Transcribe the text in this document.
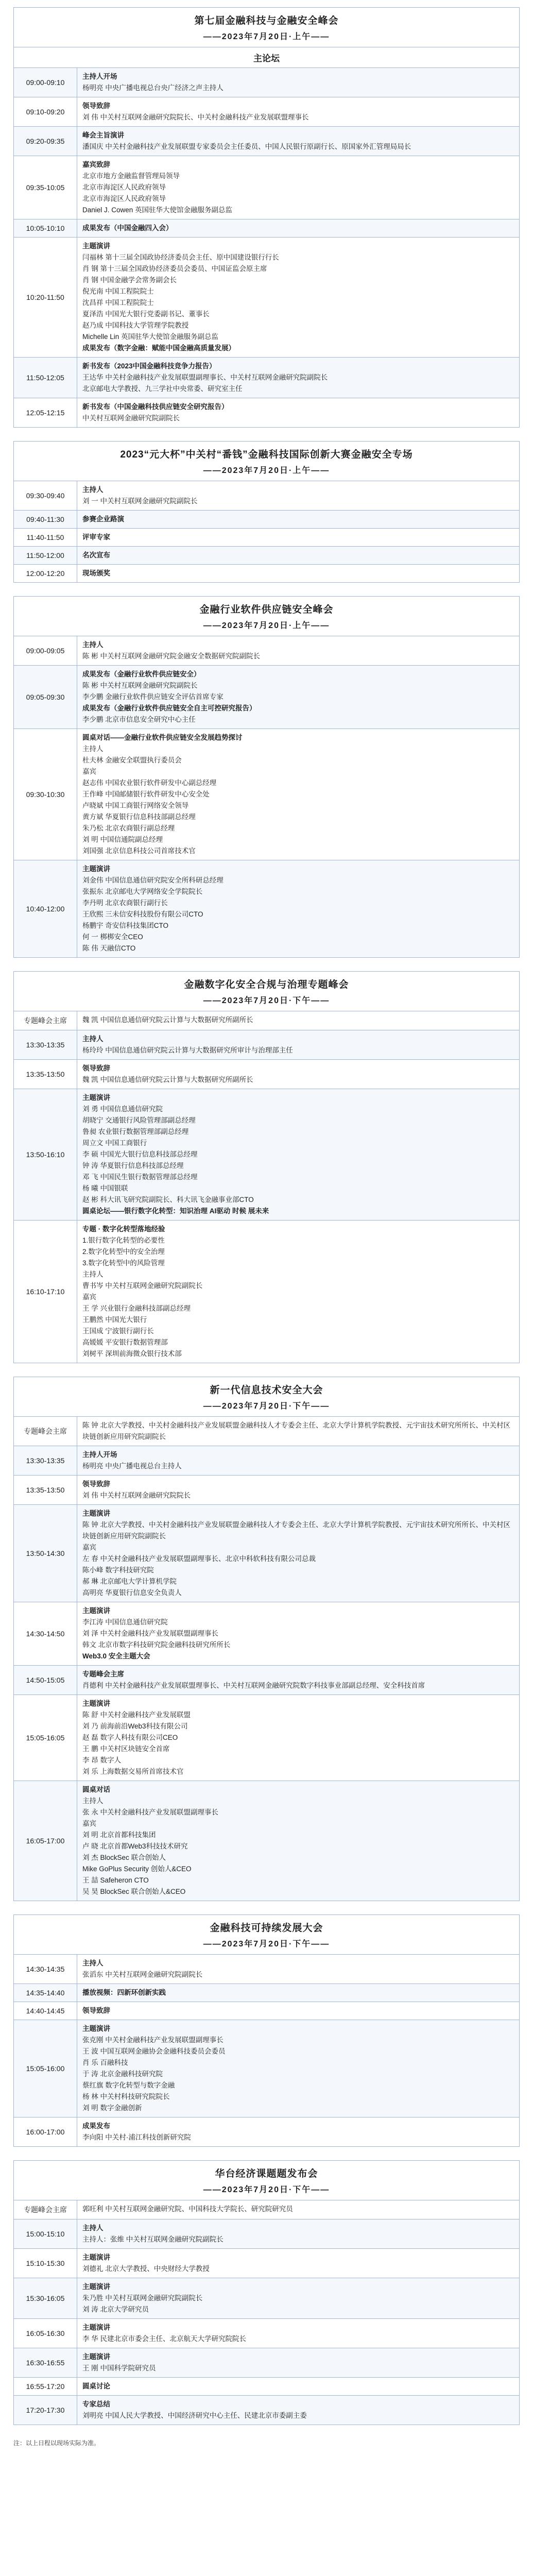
第七届金融科技与金融安全峰会
——2023年7月20日·上午——
主论坛
09:00-09:10
主持人开场
杨明亮 中央广播电视总台央广经济之声主持人
09:10-09:20
领导致辞
刘 伟 中关村互联网金融研究院院长、中关村金融科技产业发展联盟理事长
09:20-09:35
峰会主旨演讲
潘国庆 中关村金融科技产业发展联盟专家委员会主任委员、中国人民银行原副行长、原国家外汇管理局局长
09:35-10:05
嘉宾致辞
北京市地方金融监督管理局领导
北京市海淀区人民政府领导
北京市海淀区人民政府领导
Daniel J. Cowen 英国驻华大使馆金融服务副总监
10:05-10:10	成果发布（中国金融四入会）
10:20-11:50
主题演讲
闫福林 第十三届全国政协经济委员会主任、原中国建设银行行长
肖 钢 第十三届全国政协经济委员会委员、中国证监会原主席
肖 钢 中国金融学会常务副会长
倪光南 中国工程院院士
沈昌祥 中国工程院院士
夏泽浩 中国光大银行党委副书记、董事长
赵乃成 中国科技大学管理学院教授
Michelle Lin 英国驻华大使馆金融服务副总监
成果发布（数字金融：赋能中国金融高质量发展）
11:50-12:05
新书发布（2023中国金融科技竞争力报告）
王达华 中关村金融科技产业发展联盟副理事长、中关村互联网金融研究院副院长
北京邮电大学教授、九三学社中央常委、研究室主任
12:05-12:15
新书发布（中国金融科技供应链安全研究报告）
中关村互联网金融研究院副院长
2023“元大杯”中关村“番钱”金融科技国际创新大赛金融安全专场
——2023年7月20日·上午——
09:30-09:40
主持人
刘 一 中关村互联网金融研究院副院长
09:40-11:30	参赛企业路演
11:40-11:50	评审专家
11:50-12:00	名次宣布
12:00-12:20	现场颁奖
金融行业软件供应链安全峰会
——2023年7月20日·上午——
09:00-09:05
主持人
陈 彬 中关村互联网金融研究院金融安全数据研究院副院长
09:05-09:30
成果发布（金融行业软件供应链安全）
陈 彬 中关村互联网金融研究院副院长
李少鹏 金融行业软件供应链安全评估首席专家
成果发布（金融行业软件供应链安全自主可控研究报告）
李少鹏 北京市信息安全研究中心主任
09:30-10:30
圆桌对话——金融行业软件供应链安全发展趋势探讨
主持人
杜夫林 金融安全联盟执行委员会
嘉宾
赵志伟 中国农业银行软件研发中心副总经理
王作峰 中国邮储银行软件研发中心安全处
卢晓斌 中国工商银行网络安全领导
黄方斌 华夏银行信息科技部副总经理
朱乃松 北京农商银行副总经理
刘 明 中国信通院副总经理
刘国强 北京信息科技公司首席技术官
10:40-12:00
主题演讲
刘金伟 中国信息通信研究院安全所科研总经理
张振东 北京邮电大学网络安全学院院长
李丹明 北京农商银行副行长
王欣熙 三未信安科技股份有限公司CTO
杨鹏宇 奇安信科技集团CTO
何 一 梆梆安全CEO
陈 伟 天融信CTO
金融数字化安全合规与治理专题峰会
——2023年7月20日·下午——
专题峰会主席	魏 凯 中国信息通信研究院云计算与大数据研究所副所长
13:30-13:35
主持人
杨玲玲 中国信息通信研究院云计算与大数据研究所审计与治理部主任
13:35-13:50
领导致辞
魏 凯 中国信息通信研究院云计算与大数据研究所副所长
13:50-16:10
主题演讲
刘 勇 中国信息通信研究院
胡晓宁 交通银行风险管理部副总经理
鲁昶 农业银行数据管理部副总经理
周立文 中国工商银行
李 硕 中国光大银行信息科技部总经理
钟 涛 华夏银行信息科技部总经理
邓 飞 中国民生银行数据管理部总经理
杨 曦 中国银联
赵 彬 科大讯飞研究院副院长、科大讯飞金融事业部CTO
圆桌论坛——银行数字化转型：知识治理 AI驱动 时候 展未来
16:10-17:10
专题 · 数字化转型落地经验
1.银行数字化转型的必要性
2.数字化转型中的安全治理
3.数字化转型中的风险管理
主持人
曹书岑 中关村互联网金融研究院副院长
嘉宾
王 学 兴业银行金融科技部副总经理
王鹏然 中国光大银行
王国成 宁波银行副行长
高媛媛 平安银行数据管理部
刘树平 深圳前海微众银行技术部
新一代信息技术安全大会
——2023年7月20日·下午——
专题峰会主席
陈 钟 北京大学教授、中关村金融科技产业发展联盟金融科技人才专委会主任、北京大学计算机学院教授、元宇宙技术研究所所长、中关村区块链创新应用研究院副院长
13:30-13:35
主持人开场
杨明亮 中央广播电视总台主持人
13:35-13:50
领导致辞
刘 伟 中关村互联网金融研究院院长
13:50-14:30
主题演讲
陈 钟 北京大学教授、中关村金融科技产业发展联盟金融科技人才专委会主任、北京大学计算机学院教授、元宇宙技术研究所所长、中关村区块链创新应用研究院副院长
嘉宾
左 春 中关村金融科技产业发展联盟副理事长、北京中科软科技有限公司总裁
陈小峰 数字科技研究院
郝 琳 北京邮电大学计算机学院
高明亮 华夏银行信息安全负责人
14:30-14:50
主题演讲
李江涛 中国信息通信研究院
刘 泽 中关村金融科技产业发展联盟副理事长
韩文 北京市数字科技研究院金融科技研究所所长
Web3.0 安全主题大会
14:50-15:05
专题峰会主席
肖德利 中关村金融科技产业发展联盟理事长、中关村互联网金融研究院数字科技事业部副总经理、安全科技首席
15:05-16:05
主题演讲
陈 舒 中关村金融科技产业发展联盟
刘 乃 前海前沿Web3科技有限公司
赵 磊 数字人科技有限公司CEO
王 鹏 中关村区块链安全首席
李 昂 数字人
刘 乐 上海数据交易所首席技术官
16:05-17:00
圆桌对话
主持人
张 永 中关村金融科技产业发展联盟副理事长
嘉宾
刘 明 北京首都科技集团
卢 晓 北京首都Web3科技技术研究
刘 杰 BlockSec 联合创始人
Mike GoPlus Security 创始人&CEO
王 喆 Safeheron CTO
吴 昊 BlockSec 联合创始人&CEO
金融科技可持续发展大会
——2023年7月20日·下午——
14:30-14:35
主持人
张滔东 中关村互联网金融研究院副院长
14:35-14:40	播放视频：四新环创新实践
14:40-14:45	领导致辞
15:05-16:00
主题演讲
张克刚 中关村金融科技产业发展联盟副理事长
王 波 中国互联网金融协会金融科技委员会委员
肖 乐 百融科技
于 涛 北京金融科技研究院
蔡红旗 数字化转型与数字金融
杨 林 中关村科技研究院院长
刘 明 数字金融创新
16:00-17:00
成果发布
李向阳 中关村·浦江科技创新研究院
华台经济课题题发布会
——2023年7月20日·下午——
专题峰会主席	郭旺利 中关村互联网金融研究院、中国科技大学院长、研究院研究员
15:00-15:10
主持人
主持人：张维 中关村互联网金融研究院副院长
15:10-15:30
主题演讲
刘德礼 北京大学教授、中央财经大学教授
15:30-16:05
主题演讲
朱乃胜 中关村互联网金融研究院副院长
刘 涛 北京大学研究员
16:05-16:30
主题演讲
李 华 民建北京市委会主任、北京航天大学研究院院长
16:30-16:55
主题演讲
王 刚 中国科学院研究员
16:55-17:20	圆桌讨论
17:20-17:30
专家总结
刘明亮 中国人民大学教授、中国经济研究中心主任、民建北京市委副主委
注：以上日程以现场实际为准。
